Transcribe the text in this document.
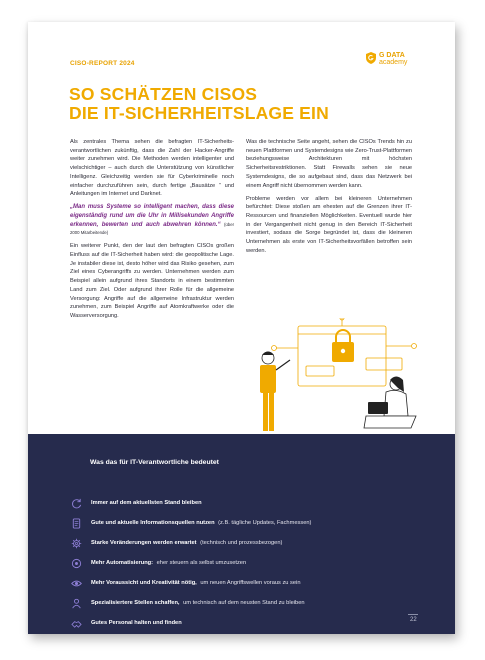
CISO-REPORT 2024
G DATA
academy
SO SCHÄTZEN CISOS
DIE IT-SICHERHEITSLAGE EIN

Als zentrales Thema sehen die befragten IT-Sicherheits-verantwortlichen zukünftig, dass die Zahl der Hacker-Angriffe weiter zunehmen wird. Die Methoden werden intelligenter und vielschichtiger – auch durch die Unterstützung von künstlicher Intelligenz. Gleichzeitig werden sie für Cyberkriminelle noch einfacher durchzuführen sein, durch fertige „Bausätze “ und Anleitungen im Internet und Darknet.

„Man muss Systeme so intelligent machen, dass diese eigenständig rund um die Uhr in Millisekunden Angriffe erkennen, bewerten und auch abwehren können.“ (über 2000 Mitarbeitende)

Ein weiterer Punkt, den der laut den befragten CISOs großen Einfluss auf die IT-Sicherheit haben wird: die geopolitische Lage. Je instabiler diese ist, desto höher wird das Risiko gesehen, zum Ziel eines Cyberangriffs zu werden. Unternehmen werden zum Beispiel allein aufgrund ihres Standorts in einem bestimmten Land zum Ziel. Oder aufgrund ihrer Rolle für die allgemeine Versorgung: Angriffe auf die allgemeine Infrastruktur werden zunehmen, zum Beispiel Angriffe auf Atomkraftwerke oder die Wasserversorgung.

Was die technische Seite angeht, sehen die CISOs Trends hin zu neuen Plattformen und Systemdesigns wie Zero-Trust-Plattformen beziehungsweise Architekturen mit höchsten Sicherheitsrestriktionen. Statt Firewalls sehen sie neue Systemdesigns, die so aufgebaut sind, dass das Netzwerk bei einem Angriff nicht übernommen werden kann.

Probleme werden vor allem bei kleineren Unternehmen befürchtet: Diese stoßen am ehesten auf die Grenzen ihrer IT-Ressourcen und finanziellen Möglichkeiten. Eventuell wurde hier in der Vergangenheit nicht genug in den Bereich IT-Sicherheit investiert, sodass die Sorge begründet ist, dass die kleineren Unternehmen als erste von IT-Sicherheitsvorfällen betroffen sein werden.

Was das für IT-Verantwortliche bedeutet
Immer auf dem aktuellsten Stand bleiben
Gute und aktuelle Informationsquellen nutzen (z.B. tägliche Updates, Fachmessen)
Starke Veränderungen werden erwartet (technisch und prozessbezogen)
Mehr Automatisierung: eher steuern als selbst umzusetzen
Mehr Voraussicht und Kreativität nötig, um neuen Angriffswellen voraus zu sein
Spezialisiertere Stellen schaffen, um technisch auf dem neusten Stand zu bleiben
Gutes Personal halten und finden	22
